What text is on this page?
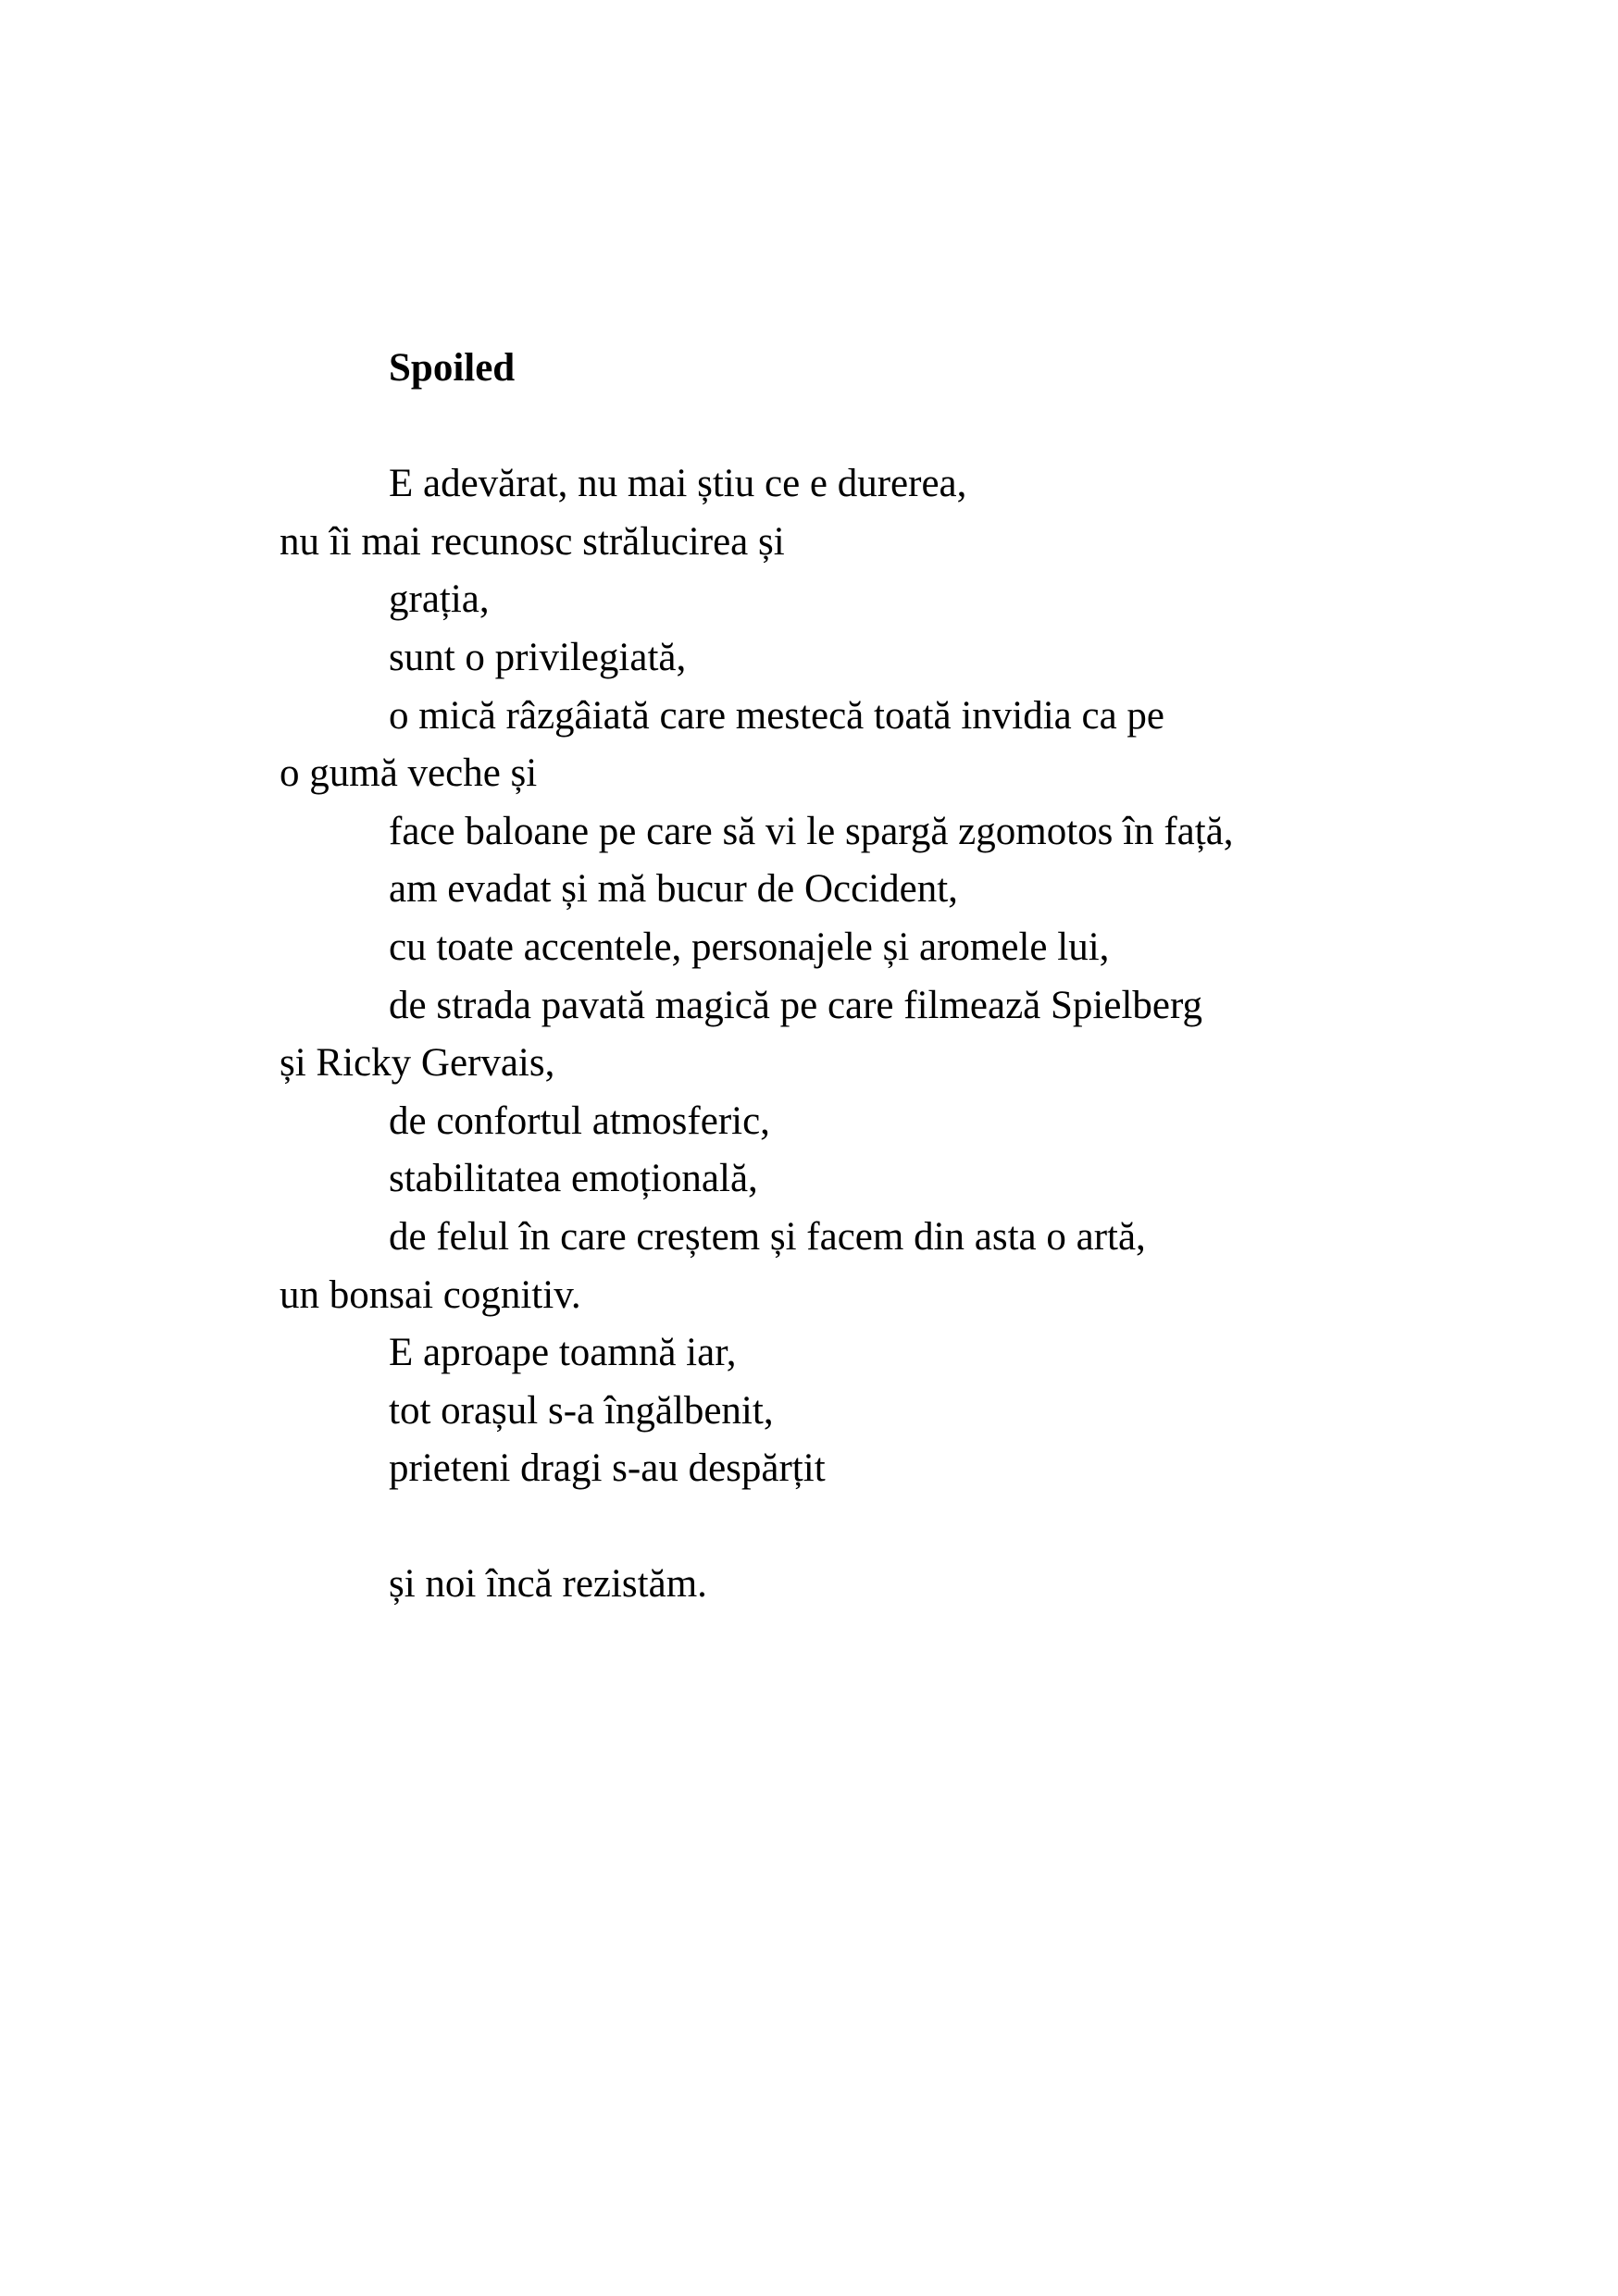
Spoiled

E adevărat, nu mai știu ce e durerea,
nu îi mai recunosc strălucirea și
grația,
sunt o privilegiată,
o mică râzgâiată care mestecă toată invidia ca pe
o gumă veche și
face baloane pe care să vi le spargă zgomotos în față,
am evadat și mă bucur de Occident,
cu toate accentele, personajele și aromele lui,
de strada pavată magică pe care filmează Spielberg
și Ricky Gervais,
de confortul atmosferic,
stabilitatea emoțională,
de felul în care creștem și facem din asta o artă,
un bonsai cognitiv.
E aproape toamnă iar,
tot orașul s-a îngălbenit,
prieteni dragi s-au despărțit

și noi încă rezistăm.
